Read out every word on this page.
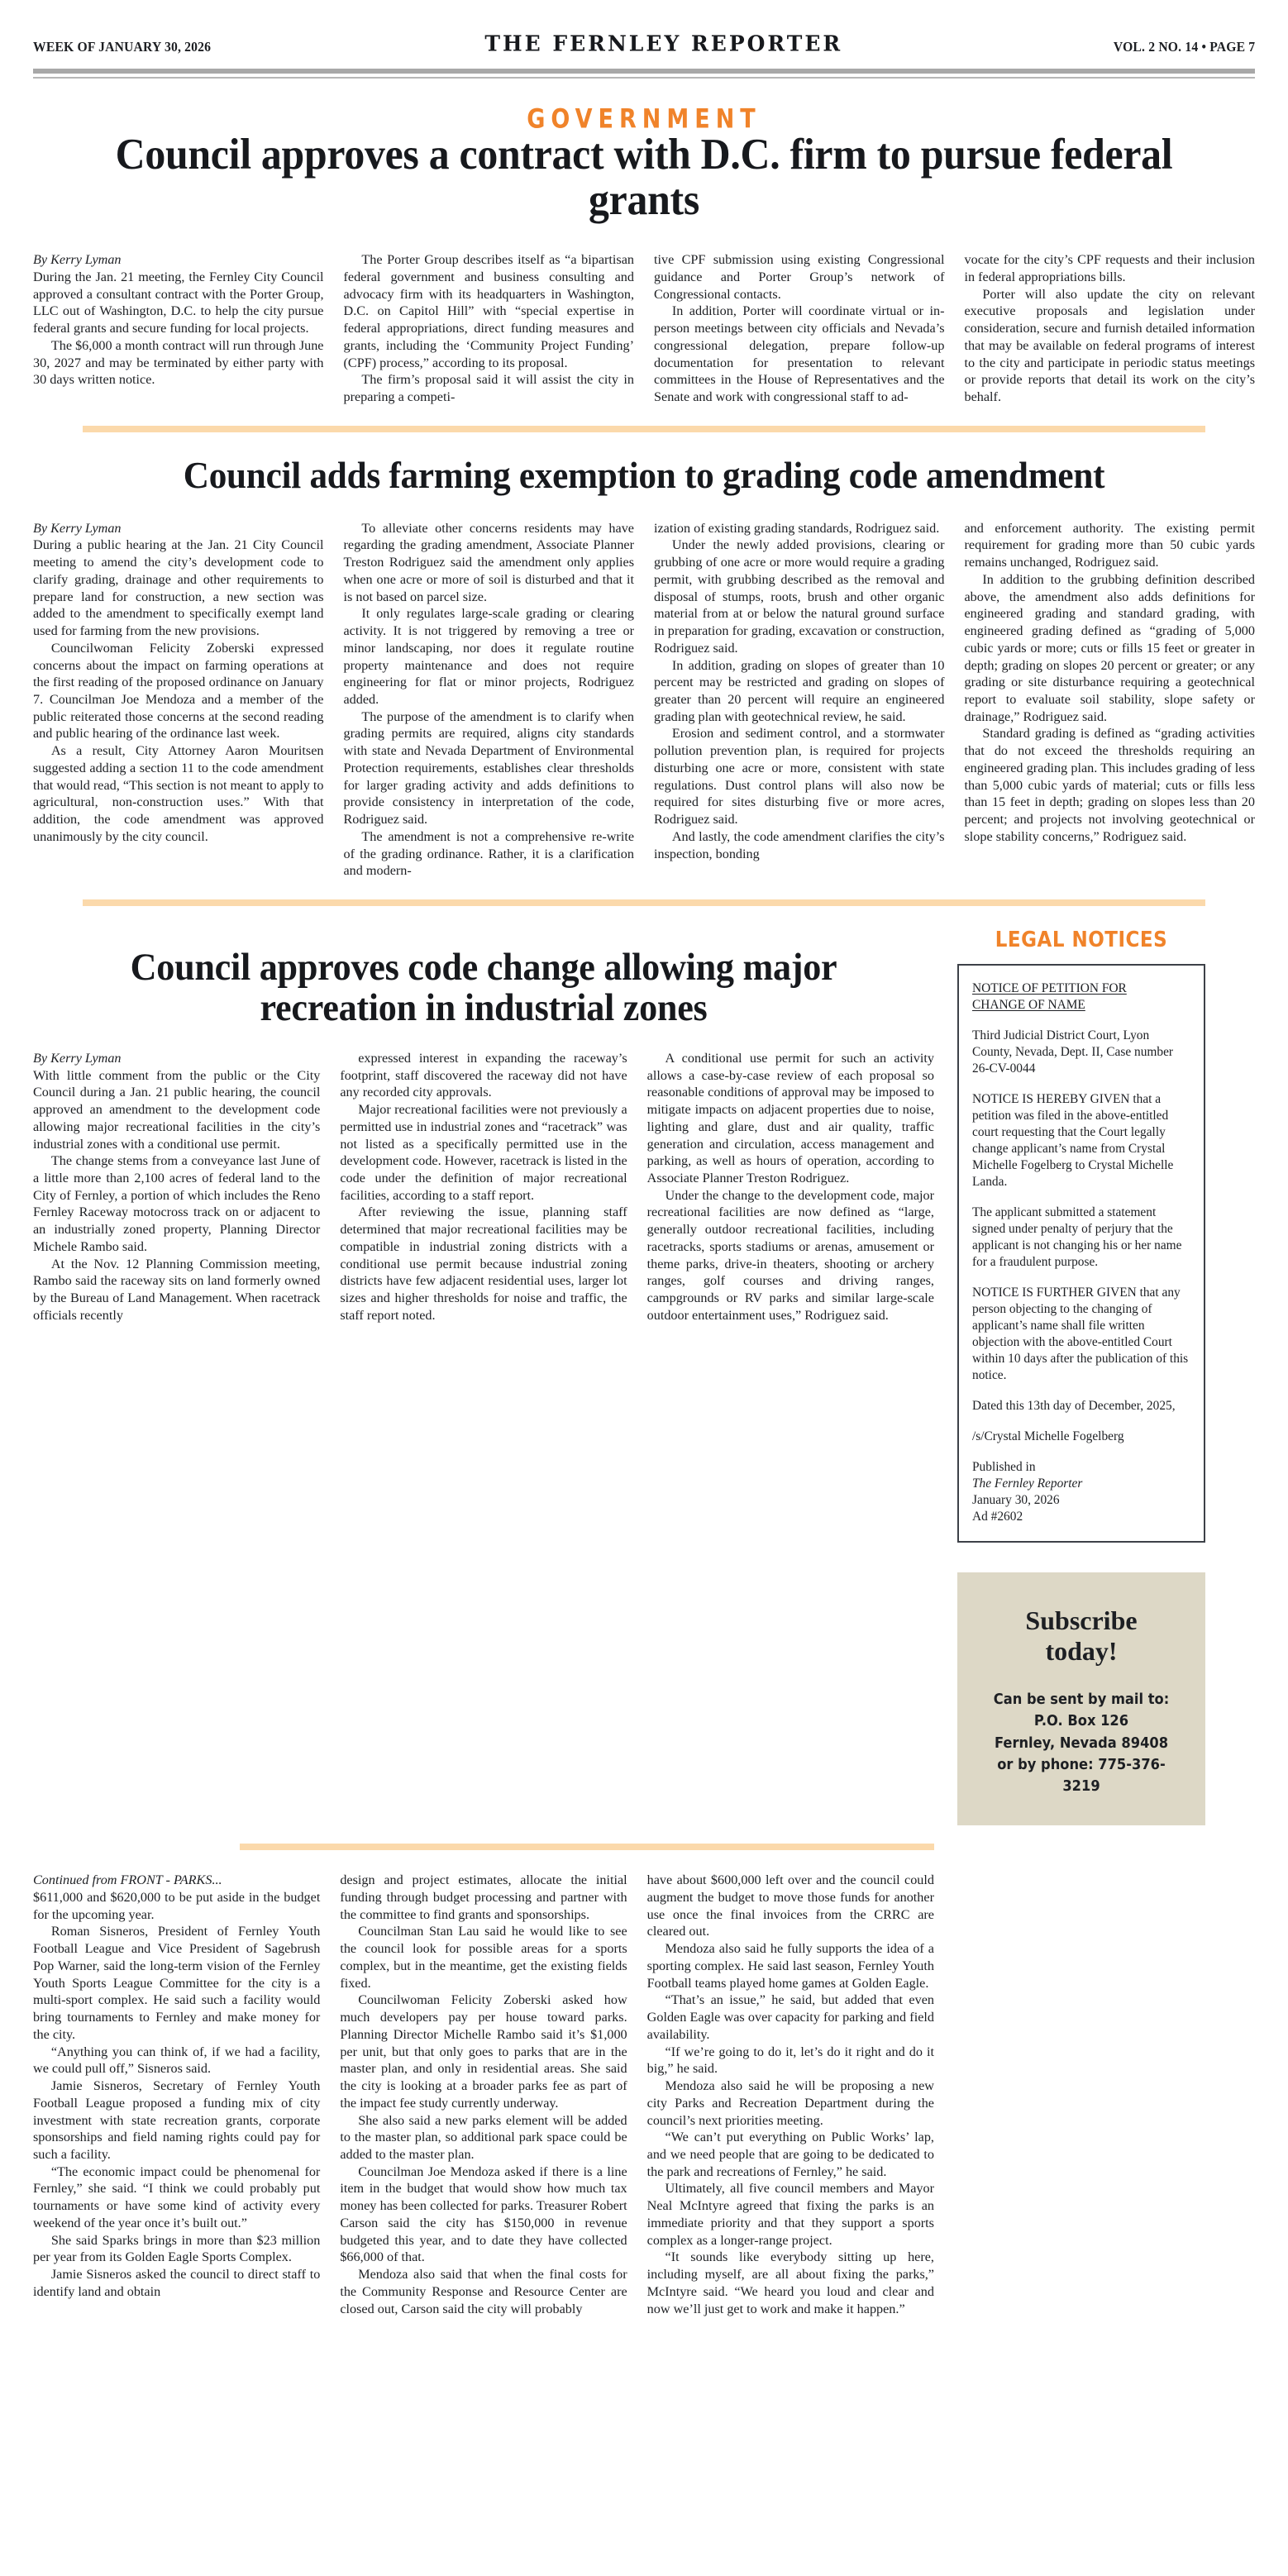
WEEK OF JANUARY 30, 2026	THE FERNLEY REPORTER	VOL. 2 NO. 14 • PAGE 7
GOVERNMENT
Council approves a contract with D.C. firm to pursue federal grants

By Kerry Lyman

During the Jan. 21 meeting, the Fernley City Council approved a consultant contract with the Porter Group, LLC out of Washington, D.C. to help the city pursue federal grants and secure funding for local projects.

The $6,000 a month contract will run through June 30, 2027 and may be terminated by either party with 30 days written notice.

The Porter Group describes itself as “a bipartisan federal government and business consulting and advocacy firm with its headquarters in Washington, D.C. on Capitol Hill” with “special expertise in federal appropriations, direct funding measures and grants, including the ‘Community Project Funding’ (CPF) process,” according to its proposal.

The firm’s proposal said it will assist the city in preparing a competi-

tive CPF submission using existing Congressional guidance and Porter Group’s network of Congressional contacts.

In addition, Porter will coordinate virtual or in-person meetings between city officials and Nevada’s congressional delegation, prepare follow-up documentation for presentation to relevant committees in the House of Representatives and the Senate and work with congressional staff to ad-

vocate for the city’s CPF requests and their inclusion in federal appropriations bills.

Porter will also update the city on relevant executive proposals and legislation under consideration, secure and furnish detailed information that may be available on federal programs of interest to the city and participate in periodic status meetings or provide reports that detail its work on the city’s behalf.

Council adds farming exemption to grading code amendment

By Kerry Lyman

During a public hearing at the Jan. 21 City Council meeting to amend the city’s development code to clarify grading, drainage and other requirements to prepare land for construction, a new section was added to the amendment to specifically exempt land used for farming from the new provisions.

Councilwoman Felicity Zoberski expressed concerns about the impact on farming operations at the first reading of the proposed ordinance on January 7. Councilman Joe Mendoza and a member of the public reiterated those concerns at the second reading and public hearing of the ordinance last week.

As a result, City Attorney Aaron Mouritsen suggested adding a section 11 to the code amendment that would read, “This section is not meant to apply to agricultural, non-construction uses.” With that addition, the code amendment was approved unanimously by the city council.

To alleviate other concerns residents may have regarding the grading amendment, Associate Planner Treston Rodriguez said the amendment only applies when one acre or more of soil is disturbed and that it is not based on parcel size.

It only regulates large-scale grading or clearing activity. It is not triggered by removing a tree or minor landscaping, nor does it regulate routine property maintenance and does not require engineering for flat or minor projects, Rodriguez added.

The purpose of the amendment is to clarify when grading permits are required, aligns city standards with state and Nevada Department of Environmental Protection requirements, establishes clear thresholds for larger grading activity and adds definitions to provide consistency in interpretation of the code, Rodriguez said.

The amendment is not a comprehensive re-write of the grading ordinance. Rather, it is a clarification and modern-

ization of existing grading standards, Rodriguez said.

Under the newly added provisions, clearing or grubbing of one acre or more would require a grading permit, with grubbing described as the removal and disposal of stumps, roots, brush and other organic material from at or below the natural ground surface in preparation for grading, excavation or construction, Rodriguez said.

In addition, grading on slopes of greater than 10 percent may be restricted and grading on slopes of greater than 20 percent will require an engineered grading plan with geotechnical review, he said.

Erosion and sediment control, and a stormwater pollution prevention plan, is required for projects disturbing one acre or more, consistent with state regulations. Dust control plans will also now be required for sites disturbing five or more acres, Rodriguez said.

And lastly, the code amendment clarifies the city’s inspection, bonding

and enforcement authority. The existing permit requirement for grading more than 50 cubic yards remains unchanged, Rodriguez said.

In addition to the grubbing definition described above, the amendment also adds definitions for engineered grading and standard grading, with engineered grading defined as “grading of 5,000 cubic yards or more; cuts or fills 15 feet or greater in depth; grading on slopes 20 percent or greater; or any grading or site disturbance requiring a geotechnical report to evaluate soil stability, slope safety or drainage,” Rodriguez said.

Standard grading is defined as “grading activities that do not exceed the thresholds requiring an engineered grading plan. This includes grading of less than 5,000 cubic yards of material; cuts or fills less than 15 feet in depth; grading on slopes less than 20 percent; and projects not involving geotechnical or slope stability concerns,” Rodriguez said.

Council approves code change allowing major recreation in industrial zones

By Kerry Lyman

With little comment from the public or the City Council during a Jan. 21 public hearing, the council approved an amendment to the development code allowing major recreational facilities in the city’s industrial zones with a conditional use permit.

The change stems from a conveyance last June of a little more than 2,100 acres of federal land to the City of Fernley, a portion of which includes the Reno Fernley Raceway motocross track on or adjacent to an industrially zoned property, Planning Director Michele Rambo said.

At the Nov. 12 Planning Commission meeting, Rambo said the raceway sits on land formerly owned by the Bureau of Land Management. When racetrack officials recently

expressed interest in expanding the raceway’s footprint, staff discovered the raceway did not have any recorded city approvals.

Major recreational facilities were not previously a permitted use in industrial zones and “racetrack” was not listed as a specifically permitted use in the development code. However, racetrack is listed in the code under the definition of major recreational facilities, according to a staff report.

After reviewing the issue, planning staff determined that major recreational facilities may be compatible in industrial zoning districts with a conditional use permit because industrial zoning districts have few adjacent residential uses, larger lot sizes and higher thresholds for noise and traffic, the staff report noted.

A conditional use permit for such an activity allows a case-by-case review of each proposal so reasonable conditions of approval may be imposed to mitigate impacts on adjacent properties due to noise, lighting and glare, dust and air quality, traffic generation and circulation, access management and parking, as well as hours of operation, according to Associate Planner Treston Rodriguez.

Under the change to the development code, major recreational facilities are now defined as “large, generally outdoor recreational facilities, including racetracks, sports stadiums or arenas, amusement or theme parks, drive-in theaters, shooting or archery ranges, golf courses and driving ranges, campgrounds or RV parks and similar large-scale outdoor entertainment uses,” Rodriguez said.

LEGAL NOTICES

NOTICE OF PETITION FOR
CHANGE OF NAME

Third Judicial District Court, Lyon County, Nevada, Dept. II, Case number 26-CV-0044

NOTICE IS HEREBY GIVEN that a petition was filed in the above-entitled court requesting that the Court legally change applicant’s name from Crystal Michelle Fogelberg to Crystal Michelle Landa.

The applicant submitted a statement signed under penalty of perjury that the applicant is not changing his or her name for a fraudulent purpose.

NOTICE IS FURTHER GIVEN that any person objecting to the changing of applicant’s name shall file written objection with the above-entitled Court within 10 days after the publication of this notice.

Dated this 13th day of December, 2025,

/s/Crystal Michelle Fogelberg

Published in
The Fernley Reporter
January 30, 2026
Ad #2602

Subscribe
today!
Can be sent by mail to:
P.O. Box 126
Fernley, Nevada 89408
or by phone: 775-376-3219

Continued from FRONT - PARKS...

$611,000 and $620,000 to be put aside in the budget for the upcoming year.

Roman Sisneros, President of Fernley Youth Football League and Vice President of Sagebrush Pop Warner, said the long-term vision of the Fernley Youth Sports League Committee for the city is a multi-sport complex. He said such a facility would bring tournaments to Fernley and make money for the city.

“Anything you can think of, if we had a facility, we could pull off,” Sisneros said.

Jamie Sisneros, Secretary of Fernley Youth Football League proposed a funding mix of city investment with state recreation grants, corporate sponsorships and field naming rights could pay for such a facility.

“The economic impact could be phenomenal for Fernley,” she said. “I think we could probably put tournaments or have some kind of activity every weekend of the year once it’s built out.”

She said Sparks brings in more than $23 million per year from its Golden Eagle Sports Complex.

Jamie Sisneros asked the council to direct staff to identify land and obtain

design and project estimates, allocate the initial funding through budget processing and partner with the committee to find grants and sponsorships.

Councilman Stan Lau said he would like to see the council look for possible areas for a sports complex, but in the meantime, get the existing fields fixed.

Councilwoman Felicity Zoberski asked how much developers pay per house toward parks. Planning Director Michelle Rambo said it’s $1,000 per unit, but that only goes to parks that are in the master plan, and only in residential areas. She said the city is looking at a broader parks fee as part of the impact fee study currently underway.

She also said a new parks element will be added to the master plan, so additional park space could be added to the master plan.

Councilman Joe Mendoza asked if there is a line item in the budget that would show how much tax money has been collected for parks. Treasurer Robert Carson said the city has $150,000 in revenue budgeted this year, and to date they have collected $66,000 of that.

Mendoza also said that when the final costs for the Community Response and Resource Center are closed out, Carson said the city will probably

have about $600,000 left over and the council could augment the budget to move those funds for another use once the final invoices from the CRRC are cleared out.

Mendoza also said he fully supports the idea of a sporting complex. He said last season, Fernley Youth Football teams played home games at Golden Eagle.

“That’s an issue,” he said, but added that even Golden Eagle was over capacity for parking and field availability.

“If we’re going to do it, let’s do it right and do it big,” he said.

Mendoza also said he will be proposing a new city Parks and Recreation Department during the council’s next priorities meeting.

“We can’t put everything on Public Works’ lap, and we need people that are going to be dedicated to the park and recreations of Fernley,” he said.

Ultimately, all five council members and Mayor Neal McIntyre agreed that fixing the parks is an immediate priority and that they support a sports complex as a longer-range project.

“It sounds like everybody sitting up here, including myself, are all about fixing the parks,” McIntyre said. “We heard you loud and clear and now we’ll just get to work and make it happen.”
